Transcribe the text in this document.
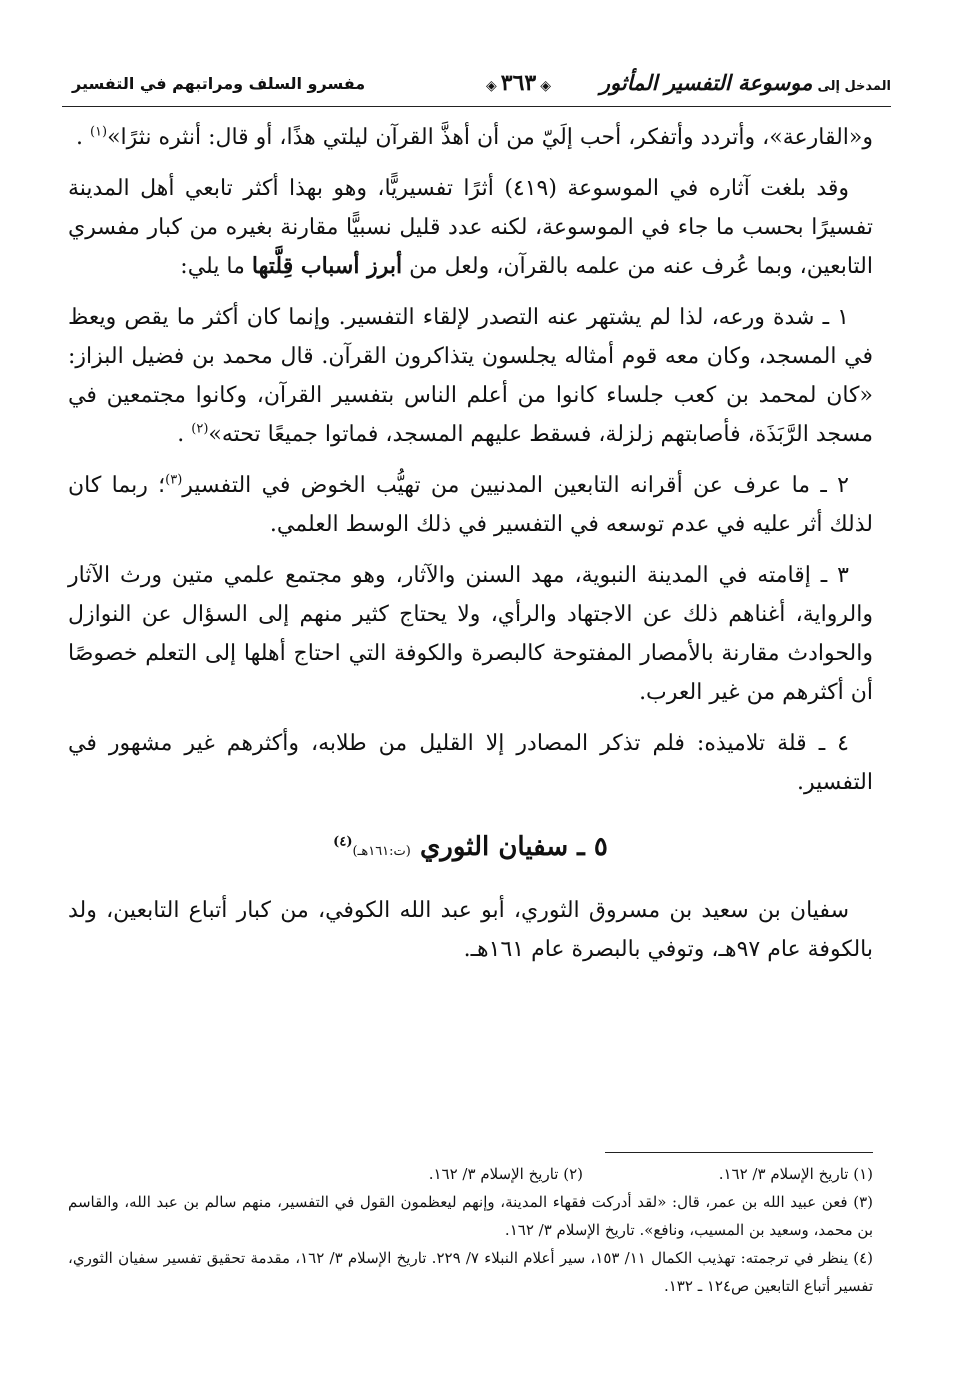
مفسرو السلف ومراتبهم في التفسير	◈٣٦٣◈	المدخل إلى موسوعة التفسير المأثور

و«القارعة»، وأتردد وأتفكر، أحب إلَيّ من أن أهذَّ القرآن ليلتي هذًا، أو قال: أنثره نثرًا»$^{(١)}$ .

وقد بلغت آثاره في الموسوعة (٤١٩) أثرًا تفسيريًّا، وهو بهذا أكثر تابعي أهل المدينة تفسيرًا بحسب ما جاء في الموسوعة، لكنه عدد قليل نسبيًّا مقارنة بغيره من كبار مفسري التابعين، وبما عُرف عنه من علمه بالقرآن، ولعل من أبرز أسباب قِلَّتها ما يلي:

١ ـ شدة ورعه، لذا لم يشتهر عنه التصدر لإلقاء التفسير. وإنما كان أكثر ما يقص ويعظ في المسجد، وكان معه قوم أمثاله يجلسون يتذاكرون القرآن. قال محمد بن فضيل البزاز: «كان لمحمد بن كعب جلساء كانوا من أعلم الناس بتفسير القرآن، وكانوا مجتمعين في مسجد الرَّبَذَة، فأصابتهم زلزلة، فسقط عليهم المسجد، فماتوا جميعًا تحته»$^{(٢)}$ .

٢ ـ ما عرف عن أقرانه التابعين المدنيين من تهيُّب الخوض في التفسير$^{(٣)}$؛ ربما كان لذلك أثر عليه في عدم توسعه في التفسير في ذلك الوسط العلمي.

٣ ـ إقامته في المدينة النبوية، مهد السنن والآثار، وهو مجتمع علمي متين ورث الآثار والرواية، أغناهم ذلك عن الاجتهاد والرأي، ولا يحتاج كثير منهم إلى السؤال عن النوازل والحوادث مقارنة بالأمصار المفتوحة كالبصرة والكوفة التي احتاج أهلها إلى التعلم خصوصًا أن أكثرهم من غير العرب.

٤ ـ قلة تلاميذه: فلم تذكر المصادر إلا القليل من طلابه، وأكثرهم غير مشهور في التفسير.

٥ ـ سفيان الثوري (ت:١٦١هـ)$^{(٤)}$

سفيان بن سعيد بن مسروق الثوري، أبو عبد الله الكوفي، من كبار أتباع التابعين، ولد بالكوفة عام ٩٧هـ، وتوفي بالبصرة عام ١٦١هـ.

(١) تاريخ الإسلام ٣/ ١٦٢.
(٢) تاريخ الإسلام ٣/ ١٦٢.

(٣) فعن عبيد الله بن عمر، قال: «لقد أدركت فقهاء المدينة، وإنهم ليعظمون القول في التفسير، منهم سالم بن عبد الله، والقاسم بن محمد، وسعيد بن المسيب، ونافع». تاريخ الإسلام ٣/ ١٦٢.

(٤) ينظر في ترجمته: تهذيب الكمال ١١/ ١٥٣، سير أعلام النبلاء ٧/ ٢٢٩. تاريخ الإسلام ٣/ ١٦٢، مقدمة تحقيق تفسير سفيان الثوري، تفسير أتباع التابعين ص١٢٤ ـ ١٣٢.
